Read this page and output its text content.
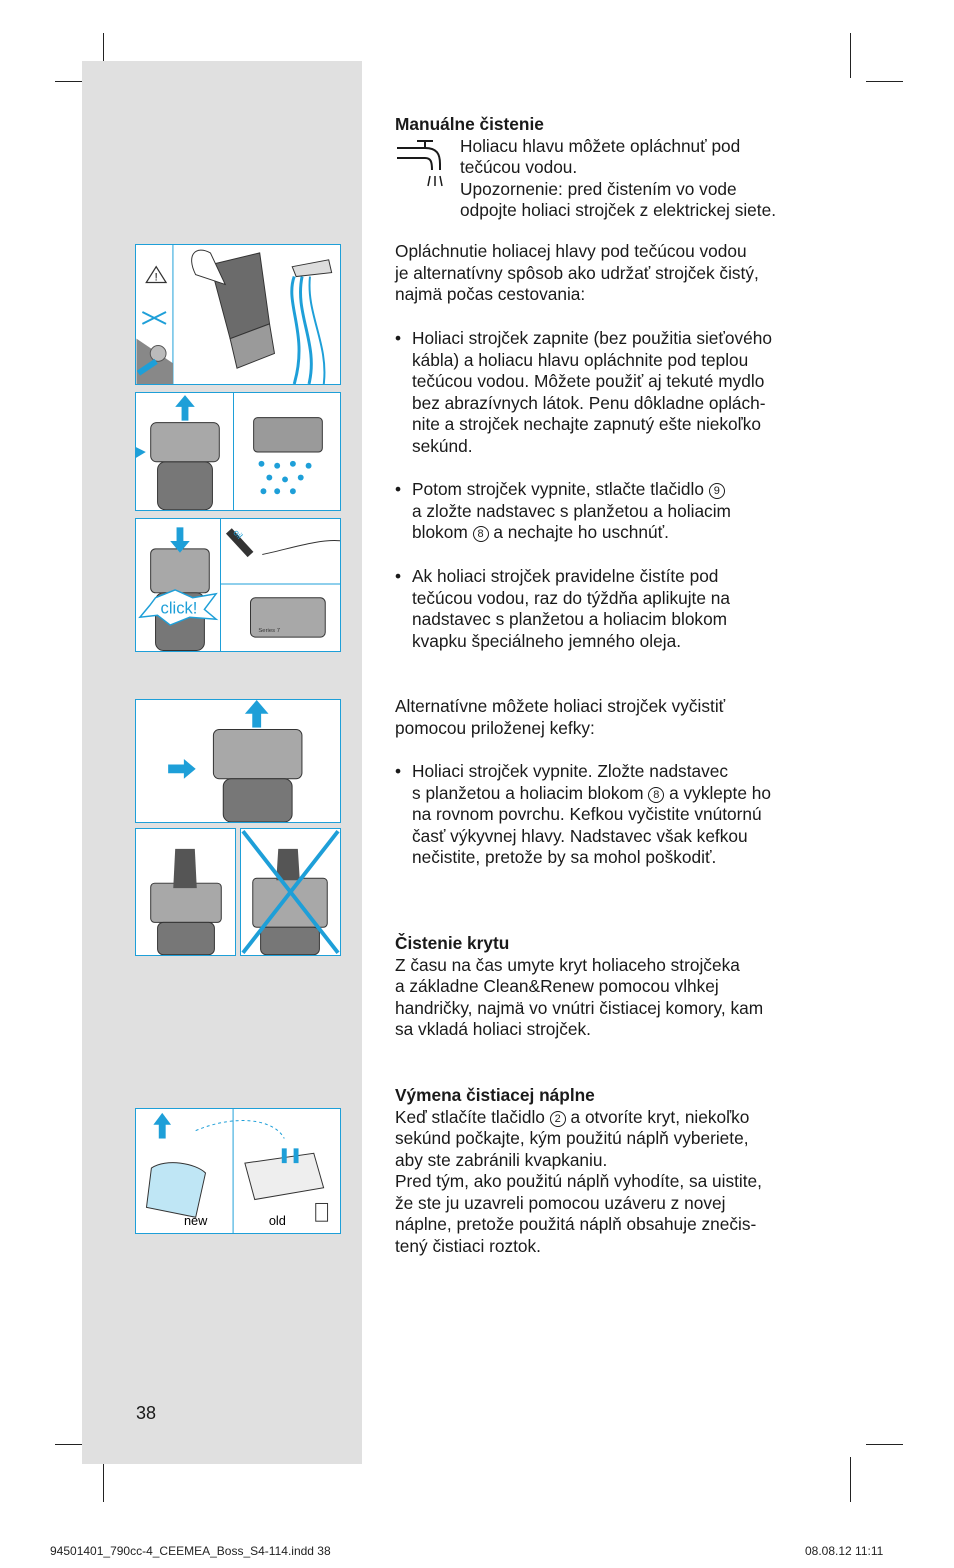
!
click!
oil
Series 7
new	old
38

Manuálne čistenie

Holiacu hlavu môžete opláchnuť pod

tečúcou vodou.

Upozornenie: pred čistením vo vode

odpojte holiaci strojček z elektrickej siete.

Opláchnutie holiacej hlavy pod tečúcou vodou

je alternatívny spôsob ako udržať strojček čistý,

najmä počas cestovania:

• Holiaci strojček zapnite (bez použitia sieťového

kábla) a holiacu hlavu opláchnite pod teplou

tečúcou vodou. Môžete použiť aj tekuté mydlo

bez abrazívnych látok. Penu dôkladne oplách-

nite a strojček nechajte zapnutý ešte niekoľko

sekúnd.

• Potom strojček vypnite, stlačte tlačidlo 9

a zložte nadstavec s planžetou a holiacim

blokom 8 a nechajte ho uschnúť.

• Ak holiaci strojček pravidelne čistíte pod

tečúcou vodou, raz do týždňa aplikujte na

nadstavec s planžetou a holiacim blokom

kvapku špeciálneho jemného oleja.

Alternatívne môžete holiaci strojček vyčistiť

pomocou priloženej kefky:

• Holiaci strojček vypnite. Zložte nadstavec

s planžetou a holiacim blokom 8 a vyklepte ho

na rovnom povrchu. Kefkou vyčistite vnútornú

časť výkyvnej hlavy. Nadstavec však kefkou

nečistite, pretože by sa mohol poškodiť.

Čistenie krytu

Z času na čas umyte kryt holiaceho strojčeka

a základne Clean&Renew pomocou vlhkej

handričky, najmä vo vnútri čistiacej komory, kam

sa vkladá holiaci strojček.

Výmena čistiacej náplne

Keď stlačíte tlačidlo 2 a otvoríte kryt, niekoľko

sekúnd počkajte, kým použitú náplň vyberiete,

aby ste zabránili kvapkaniu.

Pred tým, ako použitú náplň vyhodíte, sa uistite,

že ste ju uzavreli pomocou uzáveru z novej

náplne, pretože použitá náplň obsahuje znečis-

tený čistiaci roztok.

94501401_790cc-4_CEEMEA_Boss_S4-114.indd 38	08.08.12 11:11
